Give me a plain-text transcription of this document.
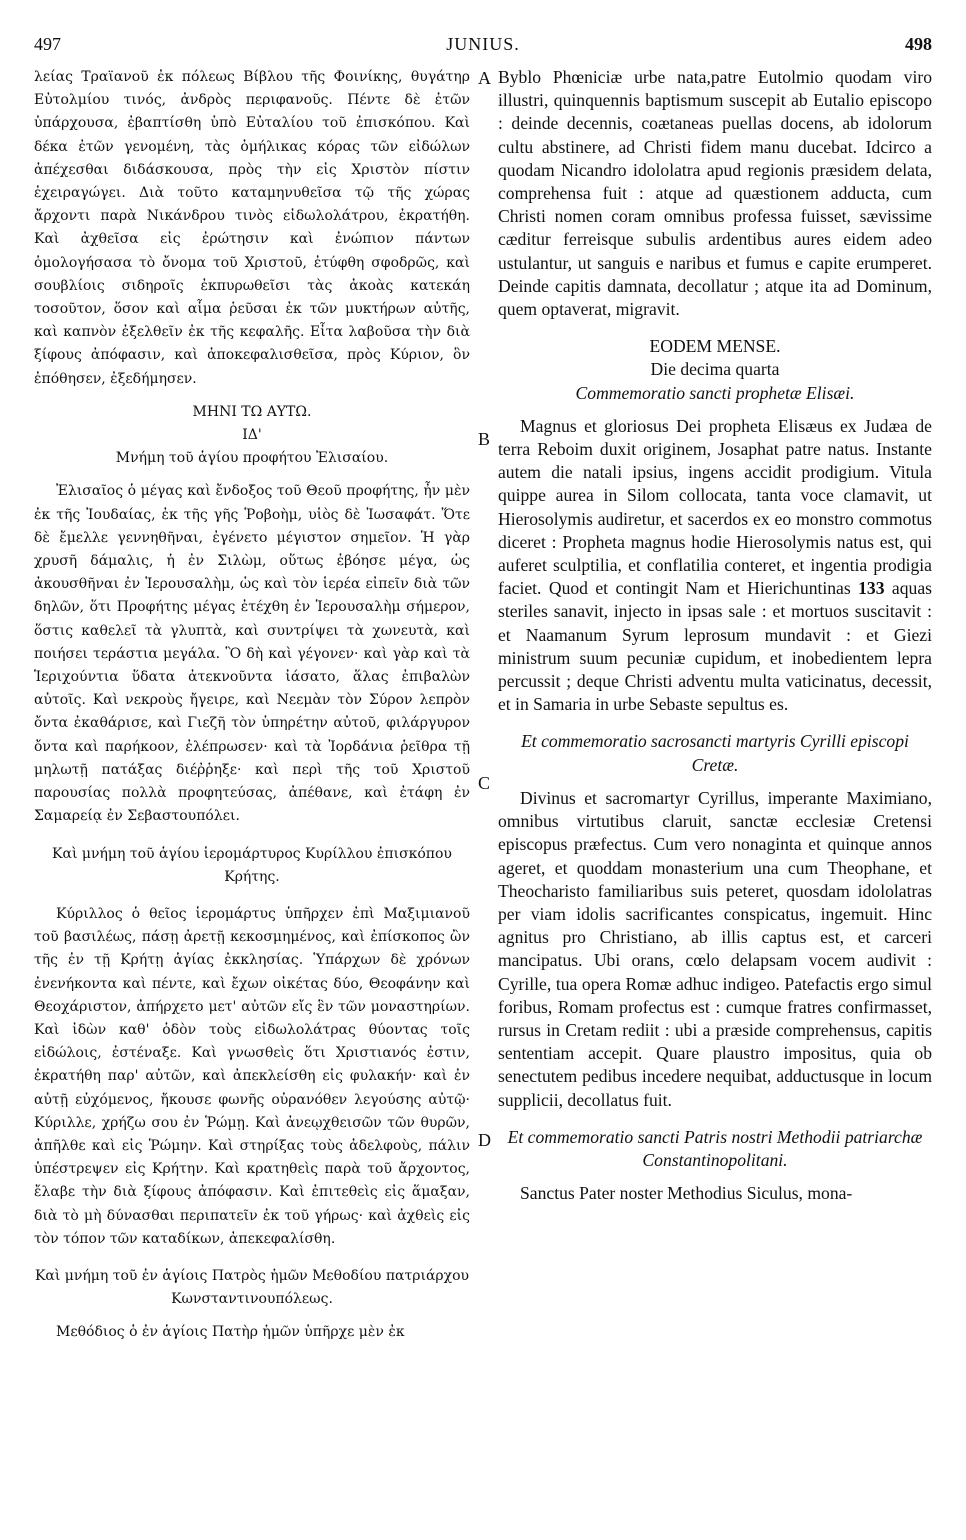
497	JUNIUS.	498
A
B
C
D

λείας Τραϊανοῦ ἐκ πόλεως Βίβλου τῆς Φοινίκης, θυγάτηρ Εὐτολμίου τινός, ἀνδρὸς περιφανοῦς. Πέντε δὲ ἐτῶν ὑπάρχουσα, ἐβαπτίσθη ὑπὸ Εὐταλίου τοῦ ἐπισκόπου. Καὶ δέκα ἐτῶν γενομένη, τὰς ὁμήλικας κόρας τῶν εἰδώλων ἀπέχεσθαι διδάσκουσα, πρὸς τὴν εἰς Χριστὸν πίστιν ἐχειραγώγει. Διὰ τοῦτο καταμηνυθεῖσα τῷ τῆς χώρας ἄρχοντι παρὰ Νικάνδρου τινὸς εἰδωλολάτρου, ἐκρατήθη. Καὶ ἀχθεῖσα εἰς ἐρώτησιν καὶ ἐνώπιον πάντων ὁμολογήσασα τὸ ὄνομα τοῦ Χριστοῦ, ἐτύφθη σφοδρῶς, καὶ σουβλίοις σιδηροῖς ἐκπυρωθεῖσι τὰς ἀκοὰς κατεκάη τοσοῦτον, ὅσον καὶ αἷμα ῥεῦσαι ἐκ τῶν μυκτήρων αὐτῆς, καὶ καπνὸν ἐξελθεῖν ἐκ τῆς κεφαλῆς. Εἶτα λαβοῦσα τὴν διὰ ξίφους ἀπόφασιν, καὶ ἀποκεφαλισθεῖσα, πρὸς Κύριον, ὃν ἐπόθησεν, ἐξεδήμησεν.

ΜΗΝΙ ΤΩ ΑΥΤΩ.

ΙΔ'

Μνήμη τοῦ ἁγίου προφήτου Ἐλισαίου.

Ἐλισαῖος ὁ μέγας καὶ ἔνδοξος τοῦ Θεοῦ προφήτης, ἦν μὲν ἐκ τῆς Ἰουδαίας, ἐκ τῆς γῆς Ῥοβοὴμ, υἱὸς δὲ Ἰωσαφάτ. Ὅτε δὲ ἔμελλε γεννηθῆναι, ἐγένετο μέγιστον σημεῖον. Ἡ γὰρ χρυσῆ δάμαλις, ἡ ἐν Σιλὼμ, οὕτως ἐβόησε μέγα, ὡς ἀκουσθῆναι ἐν Ἱερουσαλὴμ, ὡς καὶ τὸν ἱερέα εἰπεῖν διὰ τῶν δηλῶν, ὅτι Προφήτης μέγας ἐτέχθη ἐν Ἱερουσαλὴμ σήμερον, ὅστις καθελεῖ τὰ γλυπτὰ, καὶ συντρίψει τὰ χωνευτὰ, καὶ ποιήσει τεράστια μεγάλα. Ὃ δὴ καὶ γέγονεν· καὶ γὰρ καὶ τὰ Ἱεριχούντια ὕδατα ἀτεκνοῦντα ἰάσατο, ἅλας ἐπιβαλὼν αὐτοῖς. Καὶ νεκροὺς ἤγειρε, καὶ Νεεμὰν τὸν Σύρον λεπρὸν ὄντα ἐκαθάρισε, καὶ Γιεζῆ τὸν ὑπηρέτην αὐτοῦ, φιλάργυρον ὄντα καὶ παρήκοον, ἐλέπρωσεν· καὶ τὰ Ἰορδάνια ῥεῖθρα τῇ μηλωτῇ πατάξας διέῤῥηξε· καὶ περὶ τῆς τοῦ Χριστοῦ παρουσίας πολλὰ προφητεύσας, ἀπέθανε, καὶ ἐτάφη ἐν Σαμαρείᾳ ἐν Σεβαστουπόλει.

Καὶ μνήμη τοῦ ἁγίου ἱερομάρτυρος Κυρίλλου ἐπισκόπου Κρήτης.

Κύριλλος ὁ θεῖος ἱερομάρτυς ὑπῆρχεν ἐπὶ Μαξιμιανοῦ τοῦ βασιλέως, πάσῃ ἀρετῇ κεκοσμημένος, καὶ ἐπίσκοπος ὢν τῆς ἐν τῇ Κρήτῃ ἁγίας ἐκκλησίας. Ὑπάρχων δὲ χρόνων ἐνενήκοντα καὶ πέντε, καὶ ἔχων οἰκέτας δύο, Θεοφάνην καὶ Θεοχάριστον, ἀπήρχετο μετ' αὐτῶν εἴς ἓν τῶν μοναστηρίων. Καὶ ἰδὼν καθ' ὁδὸν τοὺς εἰδωλολάτρας θύοντας τοῖς εἰδώλοις, ἐστέναξε. Καὶ γνωσθεὶς ὅτι Χριστιανός ἐστιν, ἐκρατήθη παρ' αὐτῶν, καὶ ἀπεκλείσθη εἰς φυλακήν· καὶ ἐν αὐτῇ εὐχόμενος, ἤκουσε φωνῆς οὐρανόθεν λεγούσης αὐτῷ· Κύριλλε, χρήζω σου ἐν Ῥώμῃ. Καὶ ἀνεῳχθεισῶν τῶν θυρῶν, ἀπῆλθε καὶ εἰς Ῥώμην. Καὶ στηρίξας τοὺς ἀδελφοὺς, πάλιν ὑπέστρεψεν εἰς Κρήτην. Καὶ κρατηθεὶς παρὰ τοῦ ἄρχοντος, ἔλαβε τὴν διὰ ξίφους ἀπόφασιν. Καὶ ἐπιτεθεὶς εἰς ἅμαξαν, διὰ τὸ μὴ δύνασθαι περιπατεῖν ἐκ τοῦ γήρως· καὶ ἀχθεὶς εἰς τὸν τόπον τῶν καταδίκων, ἀπεκεφαλίσθη.

Καὶ μνήμη τοῦ ἐν ἁγίοις Πατρὸς ἡμῶν Μεθοδίου πατριάρχου Κωνσταντινουπόλεως.

Μεθόδιος ὁ ἐν ἁγίοις Πατὴρ ἡμῶν ὑπῆρχε μὲν ἐκ

Byblo Phœniciæ urbe nata,patre Eutolmio quodam viro illustri, quinquennis baptismum suscepit ab Eutalio episcopo : deinde decennis, coætaneas puellas docens, ab idolorum cultu abstinere, ad Christi fidem manu ducebat. Idcirco a quodam Nicandro idololatra apud regionis præsidem delata, comprehensa fuit : atque ad quæstionem adducta, cum Christi nomen coram omnibus professa fuisset, sævissime cæditur ferreisque subulis ardentibus aures eidem adeo ustulantur, ut sanguis e naribus et fumus e capite erumperet. Deinde capitis damnata, decollatur ; atque ita ad Dominum, quem optaverat, migravit.

EODEM MENSE.

Die decima quarta

Commemoratio sancti prophetæ Elisæi.

Magnus et gloriosus Dei propheta Elisæus ex Judæa de terra Reboim duxit originem, Josaphat patre natus. Instante autem die natali ipsius, ingens accidit prodigium. Vitula quippe aurea in Silom collocata, tanta voce clamavit, ut Hierosolymis audiretur, et sacerdos ex eo monstro commotus diceret : Propheta magnus hodie Hierosolymis natus est, qui auferet sculptilia, et conflatilia conteret, et ingentia prodigia faciet. Quod et contingit Nam et Hierichuntinas 133 aquas steriles sanavit, injecto in ipsas sale : et mortuos suscitavit : et Naamanum Syrum leprosum mundavit : et Giezi ministrum suum pecuniæ cupidum, et inobedientem lepra percussit ; deque Christi adventu multa vaticinatus, decessit, et in Samaria in urbe Sebaste sepultus es.

Et commemoratio sacrosancti martyris Cyrilli episcopi Cretæ.

Divinus et sacromartyr Cyrillus, imperante Maximiano, omnibus virtutibus claruit, sanctæ ecclesiæ Cretensi episcopus præfectus. Cum vero nonaginta et quinque annos ageret, et quoddam monasterium una cum Theophane, et Theocharisto familiaribus suis peteret, quosdam idololatras per viam idolis sacrificantes conspicatus, ingemuit. Hinc agnitus pro Christiano, ab illis captus est, et carceri mancipatus. Ubi orans, cœlo delapsam vocem audivit : Cyrille, tua opera Romæ adhuc indigeo. Patefactis ergo simul foribus, Romam profectus est : cumque fratres confirmasset, rursus in Cretam rediit : ubi a præside comprehensus, capitis sententiam accepit. Quare plaustro impositus, quia ob senectutem pedibus incedere nequibat, adductusque in locum supplicii, decollatus fuit.

Et commemoratio sancti Patris nostri Methodii patriarchæ Constantinopolitani.

Sanctus Pater noster Methodius Siculus, mona-
